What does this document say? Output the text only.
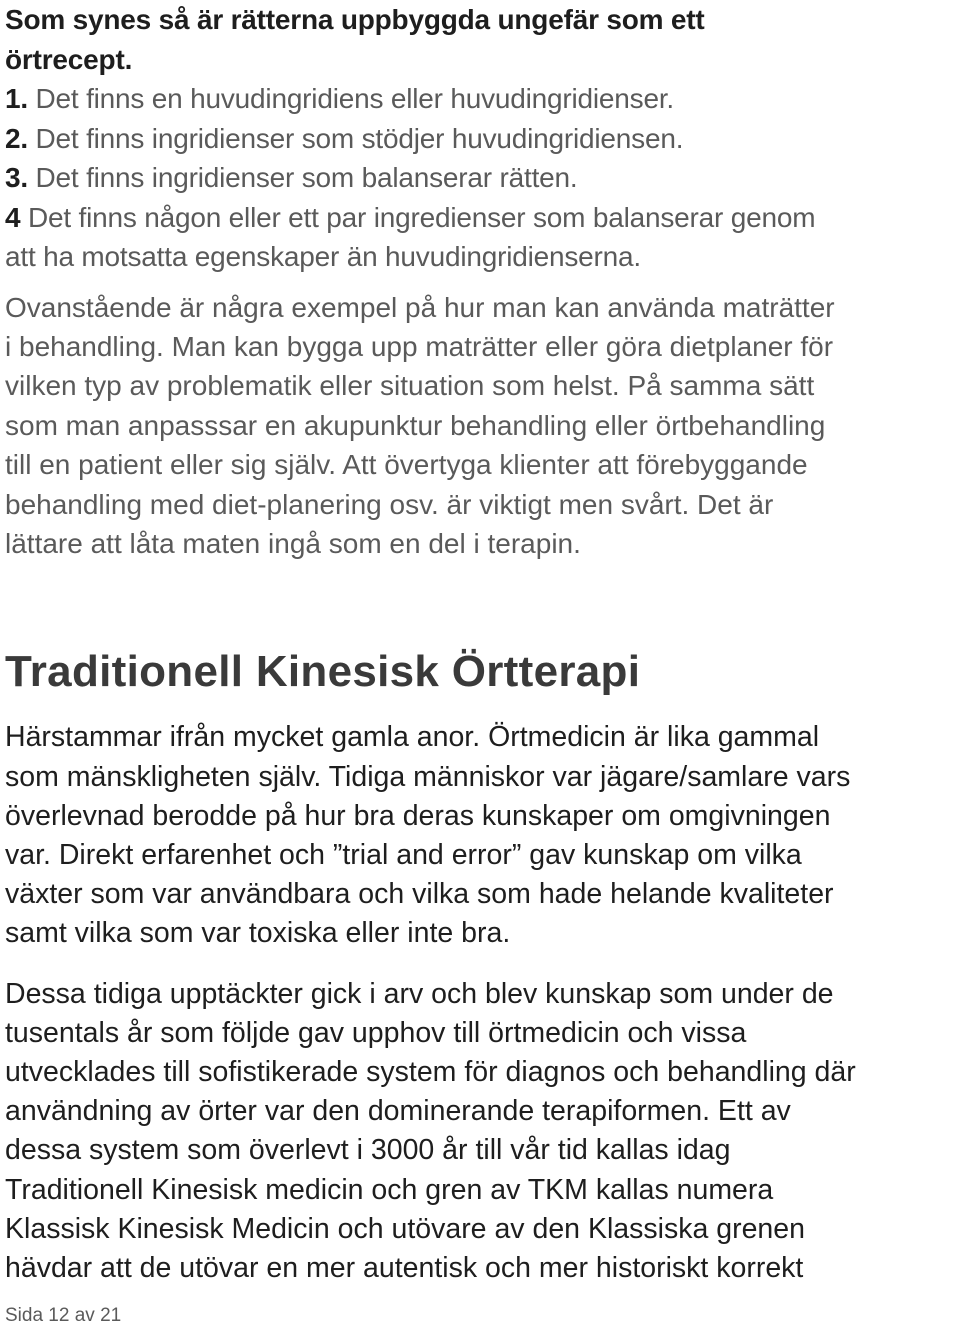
Som synes så är rätterna uppbyggda ungefär som ett
örtrecept.
1. Det finns en huvudingridiens eller huvudingridienser.
2. Det finns ingridienser som stödjer huvudingridiensen.
3. Det finns ingridienser som balanserar rätten.
4 Det finns någon eller ett par ingredienser som balanserar genom
att ha motsatta egenskaper än huvudingridienserna.

Ovanstående är några exempel på hur man kan använda maträtter
i behandling. Man kan bygga upp maträtter eller göra dietplaner för
vilken typ av problematik eller situation som helst. På samma sätt
som man anpasssar en akupunktur behandling eller örtbehandling
till en patient eller sig själv. Att övertyga klienter att förebyggande
behandling med diet-planering osv. är viktigt men svårt. Det är
lättare att låta maten ingå som en del i terapin.

Traditionell Kinesisk Örtterapi

Härstammar ifrån mycket gamla anor. Örtmedicin är lika gammal
som mänskligheten själv. Tidiga människor var jägare/samlare vars
överlevnad berodde på hur bra deras kunskaper om omgivningen
var. Direkt erfarenhet och ”trial and error” gav kunskap om vilka
växter som var användbara och vilka som hade helande kvaliteter
samt vilka som var toxiska eller inte bra.

Dessa tidiga upptäckter gick i arv och blev kunskap som under de
tusentals år som följde gav upphov till örtmedicin och vissa
utvecklades till sofistikerade system för diagnos och behandling där
användning av örter var den dominerande terapiformen. Ett av
dessa system som överlevt i 3000 år till vår tid kallas idag
Traditionell Kinesisk medicin och gren av TKM kallas numera
Klassisk Kinesisk Medicin och utövare av den Klassiska grenen
hävdar att de utövar en mer autentisk och mer historiskt korrekt

Sida 12 av 21
